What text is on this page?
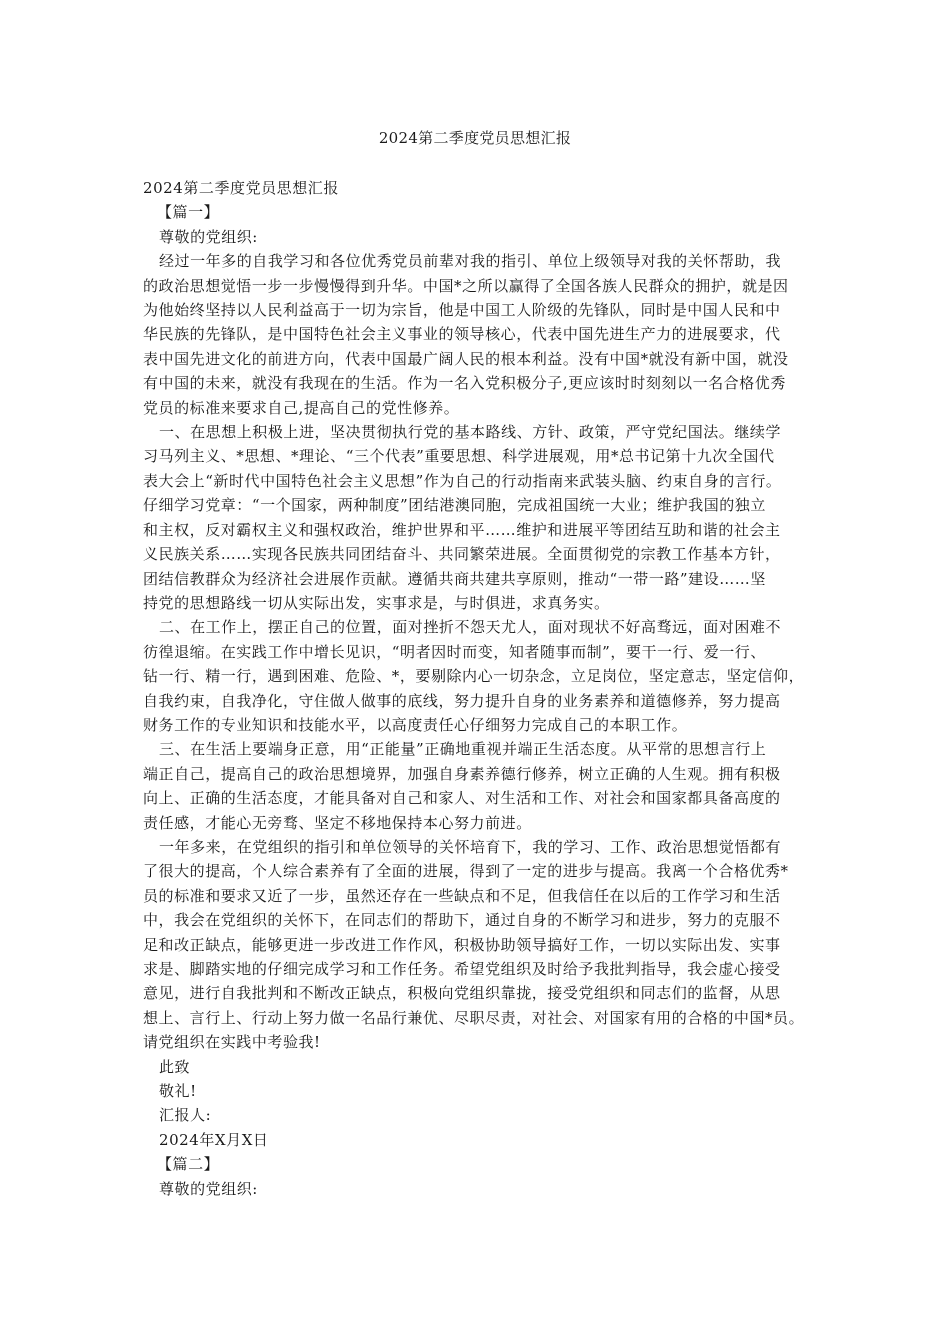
2024第二季度党员思想汇报
2024第二季度党员思想汇报
【篇一】
尊敬的党组织:
经过一年多的自我学习和各位优秀党员前辈对我的指引、单位上级领导对我的关怀帮助，我
的政治思想觉悟一步一步慢慢得到升华。中国*之所以赢得了全国各族人民群众的拥护，就是因
为他始终坚持以人民利益高于一切为宗旨，他是中国工人阶级的先锋队，同时是中国人民和中
华民族的先锋队，是中国特色社会主义事业的领导核心，代表中国先进生产力的进展要求，代
表中国先进文化的前进方向，代表中国最广阔人民的根本利益。没有中国*就没有新中国，就没
有中国的未来，就没有我现在的生活。作为一名入党积极分子,更应该时时刻刻以一名合格优秀
党员的标准来要求自己,提高自己的党性修养。
一、在思想上积极上进，坚决贯彻执行党的基本路线、方针、政策，严守党纪国法。继续学
习马列主义、*思想、*理论、“三个代表”重要思想、科学进展观，用*总书记第十九次全国代
表大会上“新时代中国特色社会主义思想”作为自己的行动指南来武装头脑、约束自身的言行。
仔细学习党章：“一个国家，两种制度”团结港澳同胞，完成祖国统一大业；维护我国的独立
和主权，反对霸权主义和强权政治，维护世界和平……维护和进展平等团结互助和谐的社会主
义民族关系……实现各民族共同团结奋斗、共同繁荣进展。全面贯彻党的宗教工作基本方针，
团结信教群众为经济社会进展作贡献。遵循共商共建共享原则，推动“一带一路”建设……坚
持党的思想路线一切从实际出发，实事求是，与时俱进，求真务实。
二、在工作上，摆正自己的位置，面对挫折不怨天尤人，面对现状不好高骛远，面对困难不
彷徨退缩。在实践工作中增长见识，“明者因时而变，知者随事而制”，要干一行、爱一行、
钻一行、精一行，遇到困难、危险、*，要剔除内心一切杂念，立足岗位，坚定意志，坚定信仰，
自我约束，自我净化，守住做人做事的底线，努力提升自身的业务素养和道德修养，努力提高
财务工作的专业知识和技能水平，以高度责任心仔细努力完成自己的本职工作。
三、在生活上要端身正意，用“正能量”正确地重视并端正生活态度。从平常的思想言行上
端正自己，提高自己的政治思想境界，加强自身素养德行修养，树立正确的人生观。拥有积极
向上、正确的生活态度，才能具备对自己和家人、对生活和工作、对社会和国家都具备高度的
责任感，才能心无旁骛、坚定不移地保持本心努力前进。
一年多来，在党组织的指引和单位领导的关怀培育下，我的学习、工作、政治思想觉悟都有
了很大的提高，个人综合素养有了全面的进展，得到了一定的进步与提高。我离一个合格优秀*
员的标准和要求又近了一步，虽然还存在一些缺点和不足，但我信任在以后的工作学习和生活
中，我会在党组织的关怀下，在同志们的帮助下，通过自身的不断学习和进步，努力的克服不
足和改正缺点，能够更进一步改进工作作风，积极协助领导搞好工作，一切以实际出发、实事
求是、脚踏实地的仔细完成学习和工作任务。希望党组织及时给予我批判指导，我会虚心接受
意见，进行自我批判和不断改正缺点，积极向党组织靠拢，接受党组织和同志们的监督，从思
想上、言行上、行动上努力做一名品行兼优、尽职尽责，对社会、对国家有用的合格的中国*员。
请党组织在实践中考验我!
此致
敬礼!
汇报人:
2024年X月X日
【篇二】
尊敬的党组织:
